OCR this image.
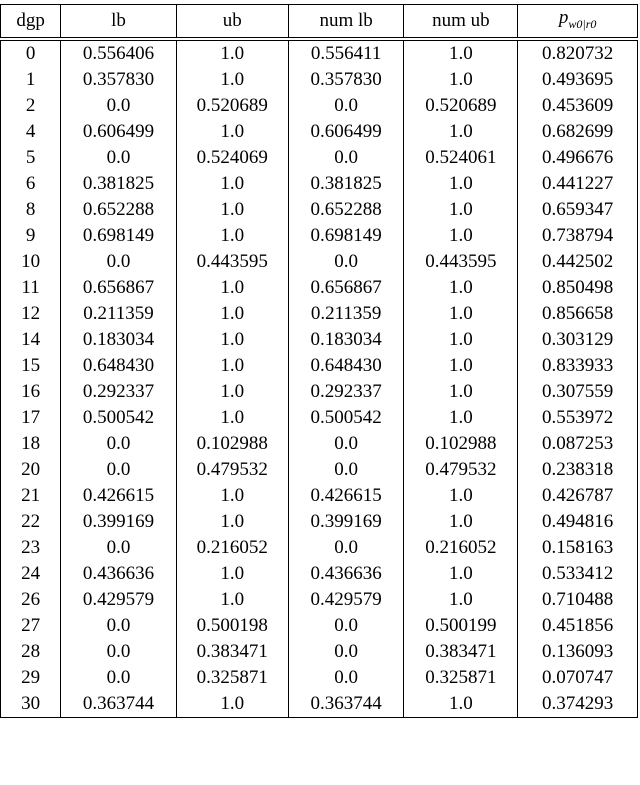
dgp	lb	ub	num lb	num ub	$p_{w0|r0}$
0	0.556406	1.0	0.556411	1.0	0.820732
1	0.357830	1.0	0.357830	1.0	0.493695
2	0.0	0.520689	0.0	0.520689	0.453609
4	0.606499	1.0	0.606499	1.0	0.682699
5	0.0	0.524069	0.0	0.524061	0.496676
6	0.381825	1.0	0.381825	1.0	0.441227
8	0.652288	1.0	0.652288	1.0	0.659347
9	0.698149	1.0	0.698149	1.0	0.738794
10	0.0	0.443595	0.0	0.443595	0.442502
11	0.656867	1.0	0.656867	1.0	0.850498
12	0.211359	1.0	0.211359	1.0	0.856658
14	0.183034	1.0	0.183034	1.0	0.303129
15	0.648430	1.0	0.648430	1.0	0.833933
16	0.292337	1.0	0.292337	1.0	0.307559
17	0.500542	1.0	0.500542	1.0	0.553972
18	0.0	0.102988	0.0	0.102988	0.087253
20	0.0	0.479532	0.0	0.479532	0.238318
21	0.426615	1.0	0.426615	1.0	0.426787
22	0.399169	1.0	0.399169	1.0	0.494816
23	0.0	0.216052	0.0	0.216052	0.158163
24	0.436636	1.0	0.436636	1.0	0.533412
26	0.429579	1.0	0.429579	1.0	0.710488
27	0.0	0.500198	0.0	0.500199	0.451856
28	0.0	0.383471	0.0	0.383471	0.136093
29	0.0	0.325871	0.0	0.325871	0.070747
30	0.363744	1.0	0.363744	1.0	0.374293
